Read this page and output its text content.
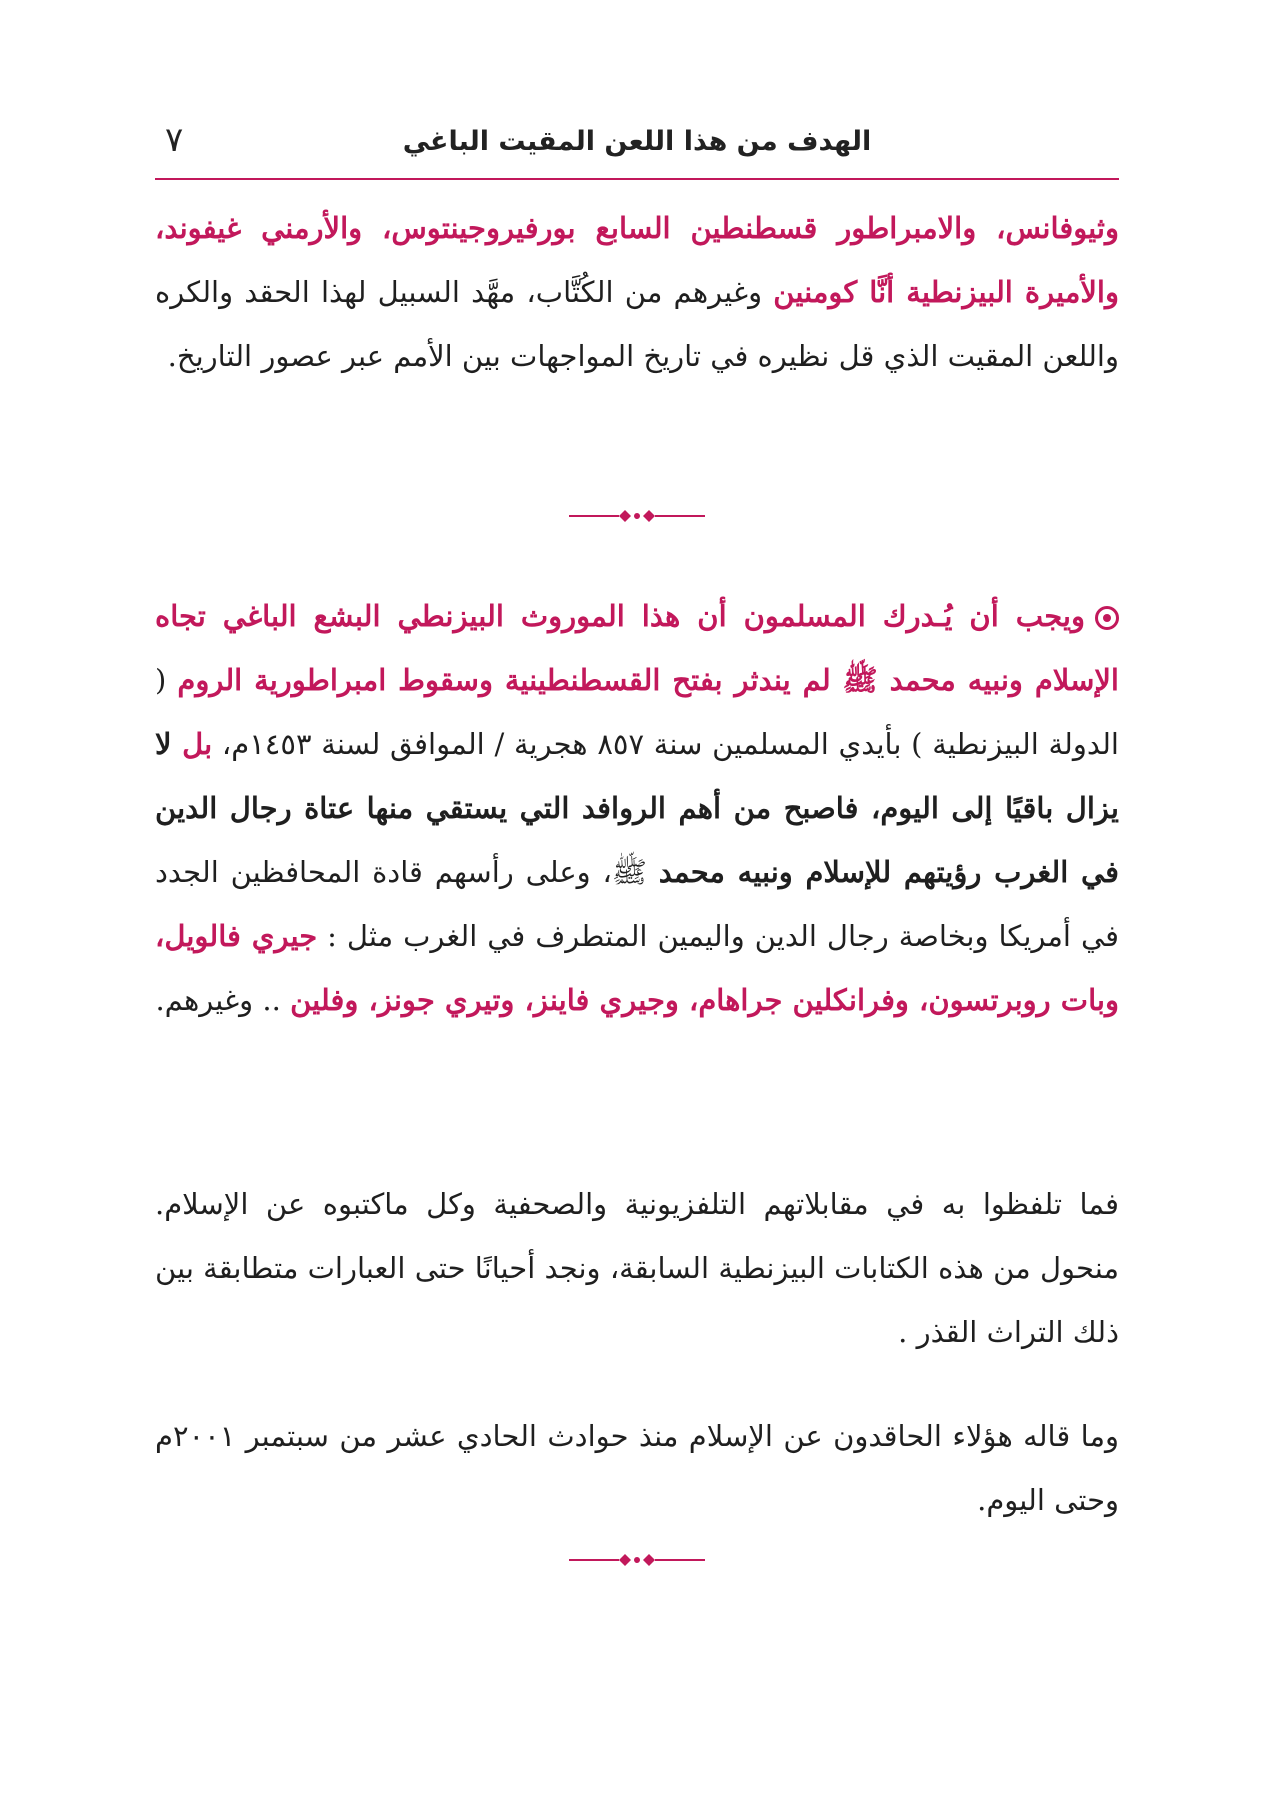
٧	الهدف من هذا اللعن المقيت الباغي
وثيوفانس، والامبراطور قسطنطين السابع بورفيروجينتوس، والأرمني غيفوند، والأميرة البيزنطية أنَّا كومنين وغيرهم من الكُتَّاب، مهَّد السبيل لهذا الحقد والكره واللعن المقيت الذي قل نظيره في تاريخ المواجهات بين الأمم عبر عصور التاريخ.
ويجب أن يُـدرك المسلمون أن هذا الموروث البيزنطي البشع الباغي تجاه الإسلام ونبيه محمد ﷺ لم يندثر بفتح القسطنطينية وسقوط امبراطورية الروم ( الدولة البيزنطية ) بأيدي المسلمين سنة ٨٥٧ هجرية / الموافق لسنة ١٤٥٣م، بل لا يزال باقيًا إلى اليوم، فاصبح من أهم الروافد التي يستقي منها عتاة رجال الدين في الغرب رؤيتهم للإسلام ونبيه محمد ﷺ، وعلى رأسهم قادة المحافظين الجدد في أمريكا وبخاصة رجال الدين واليمين المتطرف في الغرب مثل : جيري فالويل، وبات روبرتسون، وفرانكلين جراهام، وجيري فاينز، وتيري جونز، وفلين .. وغيرهم.
فما تلفظوا به في مقابلاتهم التلفزيونية والصحفية وكل ماكتبوه عن الإسلام. منحول من هذه الكتابات البيزنطية السابقة، ونجد أحيانًا حتى العبارات متطابقة بين ذلك التراث القذر .
وما قاله هؤلاء الحاقدون عن الإسلام منذ حوادث الحادي عشر من سبتمبر ٢٠٠١م وحتى اليوم.
